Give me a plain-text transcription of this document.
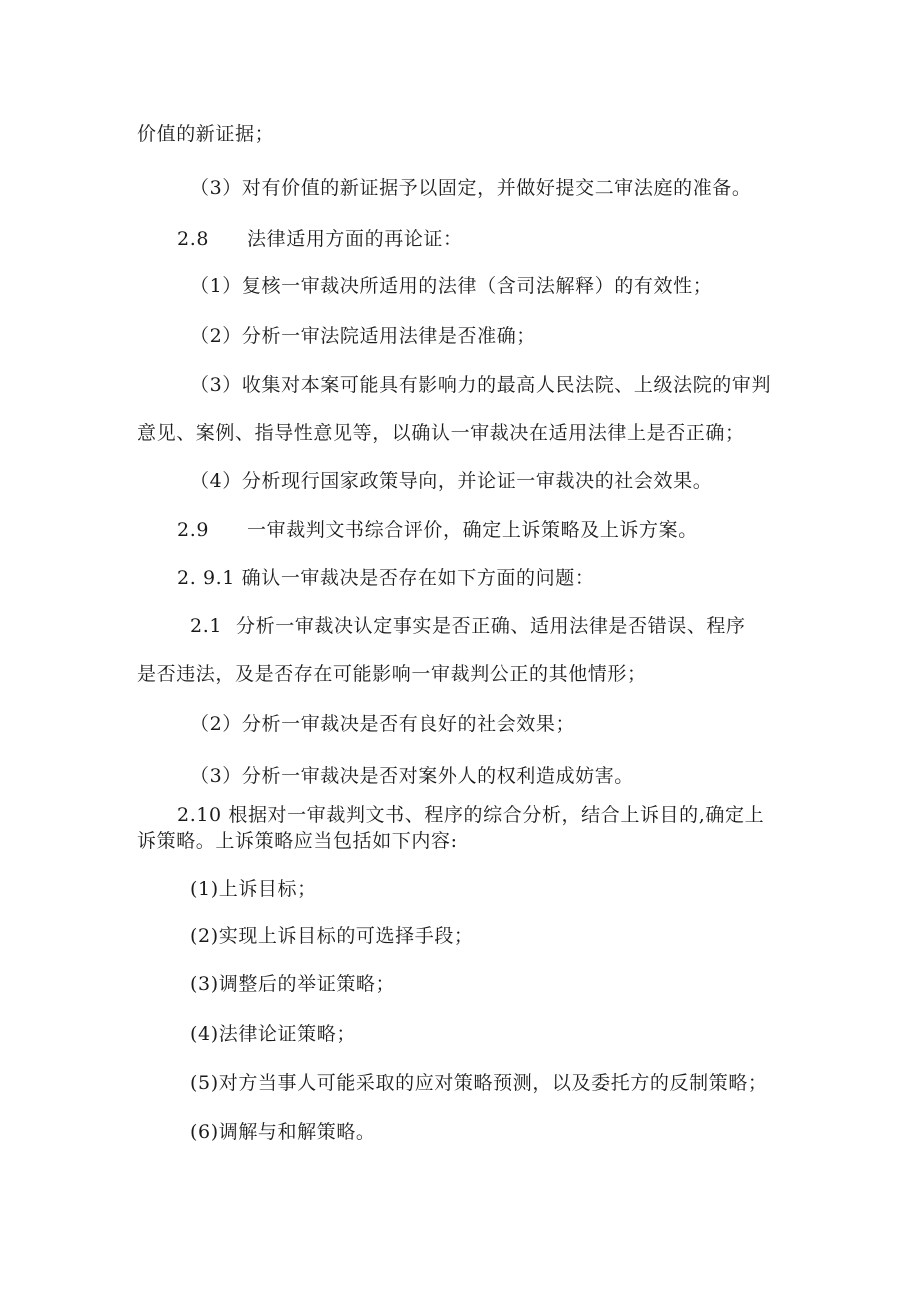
价值的新证据；
（3）对有价值的新证据予以固定，并做好提交二审法庭的准备。
2.8 法律适用方面的再论证：
（1）复核一审裁决所适用的法律（含司法解释）的有效性；
（2）分析一审法院适用法律是否准确；
（3）收集对本案可能具有影响力的最高人民法院、上级法院的审判
意见、案例、指导性意见等，以确认一审裁决在适用法律上是否正确；
（4）分析现行国家政策导向，并论证一审裁决的社会效果。
2.9 一审裁判文书综合评价，确定上诉策略及上诉方案。
2. 9.1 确认一审裁决是否存在如下方面的问题：
2.1 分析一审裁决认定事实是否正确、适用法律是否错误、程序
是否违法，及是否存在可能影响一审裁判公正的其他情形；
（2）分析一审裁决是否有良好的社会效果；
（3）分析一审裁决是否对案外人的权利造成妨害。
2.10 根据对一审裁判文书、程序的综合分析，结合上诉目的,确定上
诉策略。上诉策略应当包括如下内容:
(1)上诉目标；
(2)实现上诉目标的可选择手段；
(3)调整后的举证策略；
(4)法律论证策略；
(5)对方当事人可能采取的应对策略预测，以及委托方的反制策略；
(6)调解与和解策略。
